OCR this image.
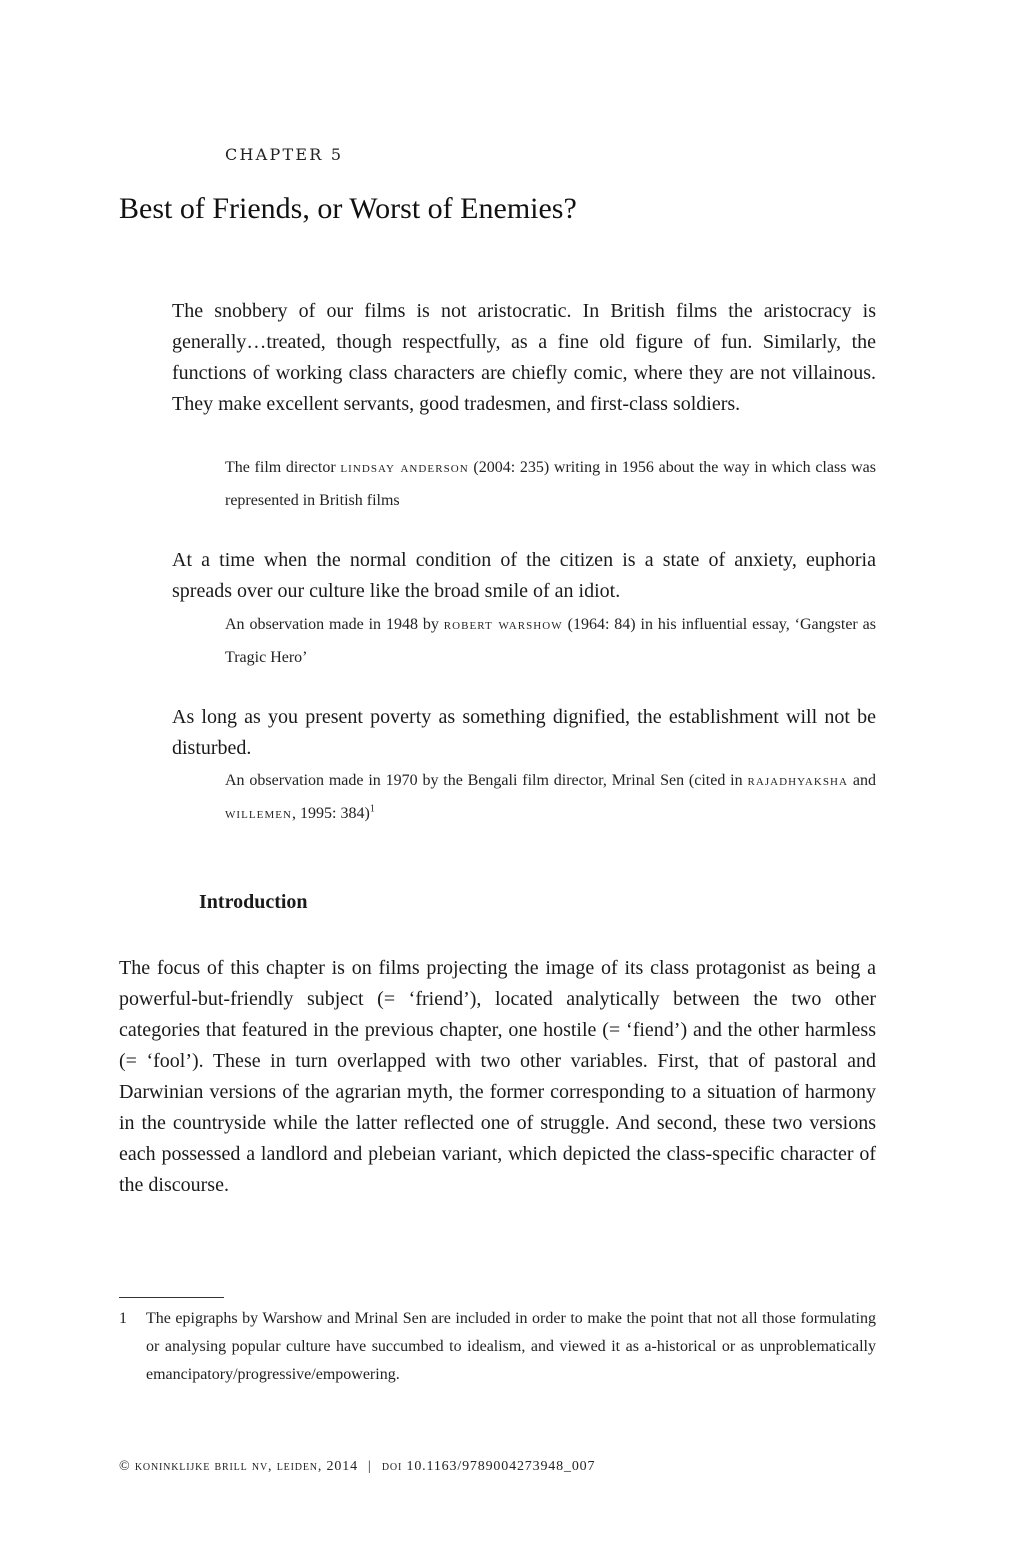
CHAPTER 5
Best of Friends, or Worst of Enemies?

The snobbery of our films is not aristocratic. In British films the aristocracy is generally…treated, though respectfully, as a fine old figure of fun. Similarly, the functions of working class characters are chiefly comic, where they are not villainous. They make excellent servants, good tradesmen, and first-class soldiers.

The film director lindsay anderson (2004: 235) writing in 1956 about the way in which class was represented in British films

At a time when the normal condition of the citizen is a state of anxiety, euphoria spreads over our culture like the broad smile of an idiot.

An observation made in 1948 by robert warshow (1964: 84) in his influential essay, ‘Gangster as Tragic Hero’

As long as you present poverty as something dignified, the establishment will not be disturbed.

An observation made in 1970 by the Bengali film director, Mrinal Sen (cited in rajadhyaksha and willemen, 1995: 384)$^1$

Introduction

The focus of this chapter is on films projecting the image of its class protagonist as being a powerful-but-friendly subject (= ‘friend’), located analytically between the two other categories that featured in the previous chapter, one hostile (= ‘fiend’) and the other harmless (= ‘fool’). These in turn overlapped with two other variables. First, that of pastoral and Darwinian versions of the agrarian myth, the former corresponding to a situation of harmony in the countryside while the latter reflected one of struggle. And second, these two versions each possessed a landlord and plebeian variant, which depicted the class-specific character of the discourse.

1 The epigraphs by Warshow and Mrinal Sen are included in order to make the point that not all those formulating or analysing popular culture have succumbed to idealism, and viewed it as a-historical or as unproblematically emancipatory/progressive/empowering.
© koninklijke brill nv, leiden, 2014 | doi 10.1163/9789004273948_007
